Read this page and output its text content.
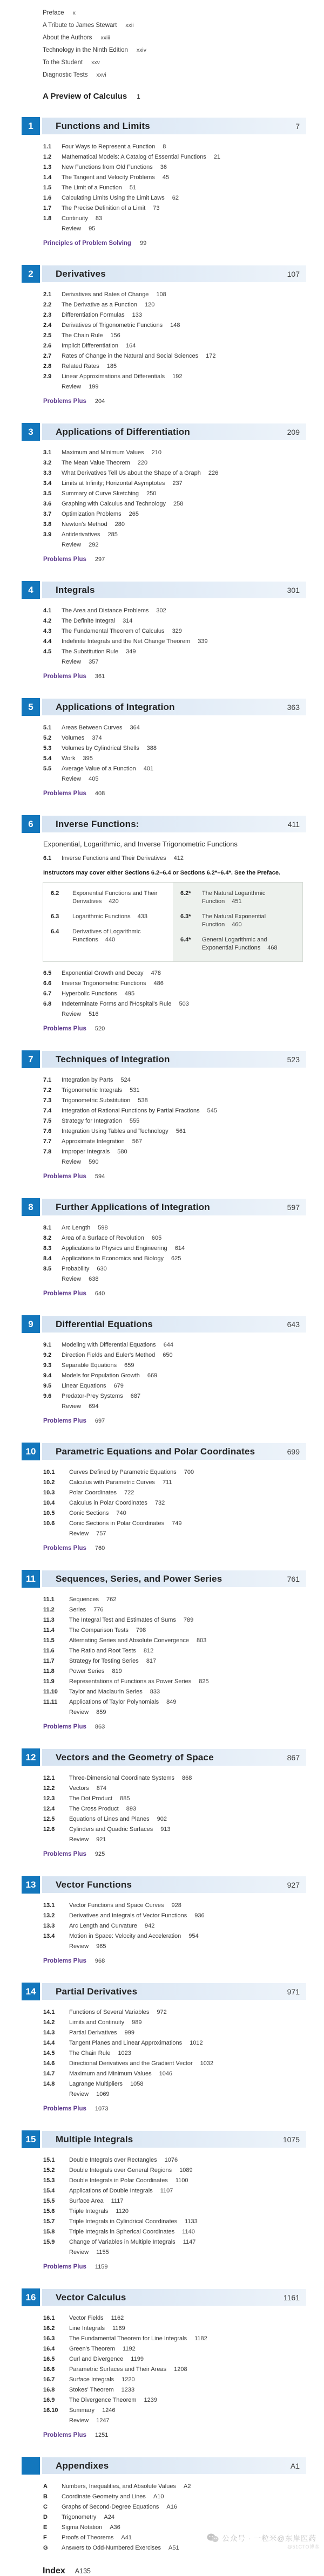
Preface x
A Tribute to James Stewart xxii
About the Authors xxiii
Technology in the Ninth Edition xxiv
To the Student xxv
Diagnostic Tests xxvi
A Preview of Calculus 1
1	Functions and Limits	7
1.1	Four Ways to Represent a Function 8
1.2	Mathematical Models: A Catalog of Essential Functions 21
1.3	New Functions from Old Functions 36
1.4	The Tangent and Velocity Problems 45
1.5	The Limit of a Function 51
1.6	Calculating Limits Using the Limit Laws 62
1.7	The Precise Definition of a Limit 73
1.8	Continuity 83
Review 95
Principles of Problem Solving 99
2	Derivatives	107
2.1	Derivatives and Rates of Change 108
2.2	The Derivative as a Function 120
2.3	Differentiation Formulas 133
2.4	Derivatives of Trigonometric Functions 148
2.5	The Chain Rule 156
2.6	Implicit Differentiation 164
2.7	Rates of Change in the Natural and Social Sciences 172
2.8	Related Rates 185
2.9	Linear Approximations and Differentials 192
Review 199
Problems Plus 204
3	Applications of Differentiation	209
3.1	Maximum and Minimum Values 210
3.2	The Mean Value Theorem 220
3.3	What Derivatives Tell Us about the Shape of a Graph 226
3.4	Limits at Infinity; Horizontal Asymptotes 237
3.5	Summary of Curve Sketching 250
3.6	Graphing with Calculus and Technology 258
3.7	Optimization Problems 265
3.8	Newton's Method 280
3.9	Antiderivatives 285
Review 292
Problems Plus 297
4	Integrals	301
4.1	The Area and Distance Problems 302
4.2	The Definite Integral 314
4.3	The Fundamental Theorem of Calculus 329
4.4	Indefinite Integrals and the Net Change Theorem 339
4.5	The Substitution Rule 349
Review 357
Problems Plus 361
5	Applications of Integration	363
5.1	Areas Between Curves 364
5.2	Volumes 374
5.3	Volumes by Cylindrical Shells 388
5.4	Work 395
5.5	Average Value of a Function 401
Review 405
Problems Plus 408
6	Inverse Functions:	411
Exponential, Logarithmic, and Inverse Trigonometric Functions
6.1	Inverse Functions and Their Derivatives 412
Instructors may cover either Sections 6.2–6.4 or Sections 6.2*–6.4*. See the Preface.
6.2	Exponential Functions and Their Derivatives 420
6.3	Logarithmic Functions 433
6.4	Derivatives of Logarithmic Functions 440
6.2*	The Natural Logarithmic Function 451
6.3*	The Natural Exponential Function 460
6.4*	General Logarithmic and Exponential Functions 468
6.5	Exponential Growth and Decay 478
6.6	Inverse Trigonometric Functions 486
6.7	Hyperbolic Functions 495
6.8	Indeterminate Forms and l'Hospital's Rule 503
Review 516
Problems Plus 520
7	Techniques of Integration	523
7.1	Integration by Parts 524
7.2	Trigonometric Integrals 531
7.3	Trigonometric Substitution 538
7.4	Integration of Rational Functions by Partial Fractions 545
7.5	Strategy for Integration 555
7.6	Integration Using Tables and Technology 561
7.7	Approximate Integration 567
7.8	Improper Integrals 580
Review 590
Problems Plus 594
8	Further Applications of Integration	597
8.1	Arc Length 598
8.2	Area of a Surface of Revolution 605
8.3	Applications to Physics and Engineering 614
8.4	Applications to Economics and Biology 625
8.5	Probability 630
Review 638
Problems Plus 640
9	Differential Equations	643
9.1	Modeling with Differential Equations 644
9.2	Direction Fields and Euler's Method 650
9.3	Separable Equations 659
9.4	Models for Population Growth 669
9.5	Linear Equations 679
9.6	Predator-Prey Systems 687
Review 694
Problems Plus 697
10	Parametric Equations and Polar Coordinates	699
10.1	Curves Defined by Parametric Equations 700
10.2	Calculus with Parametric Curves 711
10.3	Polar Coordinates 722
10.4	Calculus in Polar Coordinates 732
10.5	Conic Sections 740
10.6	Conic Sections in Polar Coordinates 749
Review 757
Problems Plus 760
11	Sequences, Series, and Power Series	761
11.1	Sequences 762
11.2	Series 776
11.3	The Integral Test and Estimates of Sums 789
11.4	The Comparison Tests 798
11.5	Alternating Series and Absolute Convergence 803
11.6	The Ratio and Root Tests 812
11.7	Strategy for Testing Series 817
11.8	Power Series 819
11.9	Representations of Functions as Power Series 825
11.10	Taylor and Maclaurin Series 833
11.11	Applications of Taylor Polynomials 849
Review 859
Problems Plus 863
12	Vectors and the Geometry of Space	867
12.1	Three-Dimensional Coordinate Systems 868
12.2	Vectors 874
12.3	The Dot Product 885
12.4	The Cross Product 893
12.5	Equations of Lines and Planes 902
12.6	Cylinders and Quadric Surfaces 913
Review 921
Problems Plus 925
13	Vector Functions	927
13.1	Vector Functions and Space Curves 928
13.2	Derivatives and Integrals of Vector Functions 936
13.3	Arc Length and Curvature 942
13.4	Motion in Space: Velocity and Acceleration 954
Review 965
Problems Plus 968
14	Partial Derivatives	971
14.1	Functions of Several Variables 972
14.2	Limits and Continuity 989
14.3	Partial Derivatives 999
14.4	Tangent Planes and Linear Approximations 1012
14.5	The Chain Rule 1023
14.6	Directional Derivatives and the Gradient Vector 1032
14.7	Maximum and Minimum Values 1046
14.8	Lagrange Multipliers 1058
Review 1069
Problems Plus 1073
15	Multiple Integrals	1075
15.1	Double Integrals over Rectangles 1076
15.2	Double Integrals over General Regions 1089
15.3	Double Integrals in Polar Coordinates 1100
15.4	Applications of Double Integrals 1107
15.5	Surface Area 1117
15.6	Triple Integrals 1120
15.7	Triple Integrals in Cylindrical Coordinates 1133
15.8	Triple Integrals in Spherical Coordinates 1140
15.9	Change of Variables in Multiple Integrals 1147
Review 1155
Problems Plus 1159
16	Vector Calculus	1161
16.1	Vector Fields 1162
16.2	Line Integrals 1169
16.3	The Fundamental Theorem for Line Integrals 1182
16.4	Green's Theorem 1192
16.5	Curl and Divergence 1199
16.6	Parametric Surfaces and Their Areas 1208
16.7	Surface Integrals 1220
16.8	Stokes' Theorem 1233
16.9	The Divergence Theorem 1239
16.10	Summary 1246
Review 1247
Problems Plus 1251
Appendixes	A1
A	Numbers, Inequalities, and Absolute Values A2
B	Coordinate Geometry and Lines A10
C	Graphs of Second-Degree Equations A16
D	Trigonometry A24
E	Sigma Notation A36
F	Proofs of Theorems A41
G	Answers to Odd-Numbered Exercises A51
Index A135
公众号 · 一粒米@东岸医药
@51CTO博客
